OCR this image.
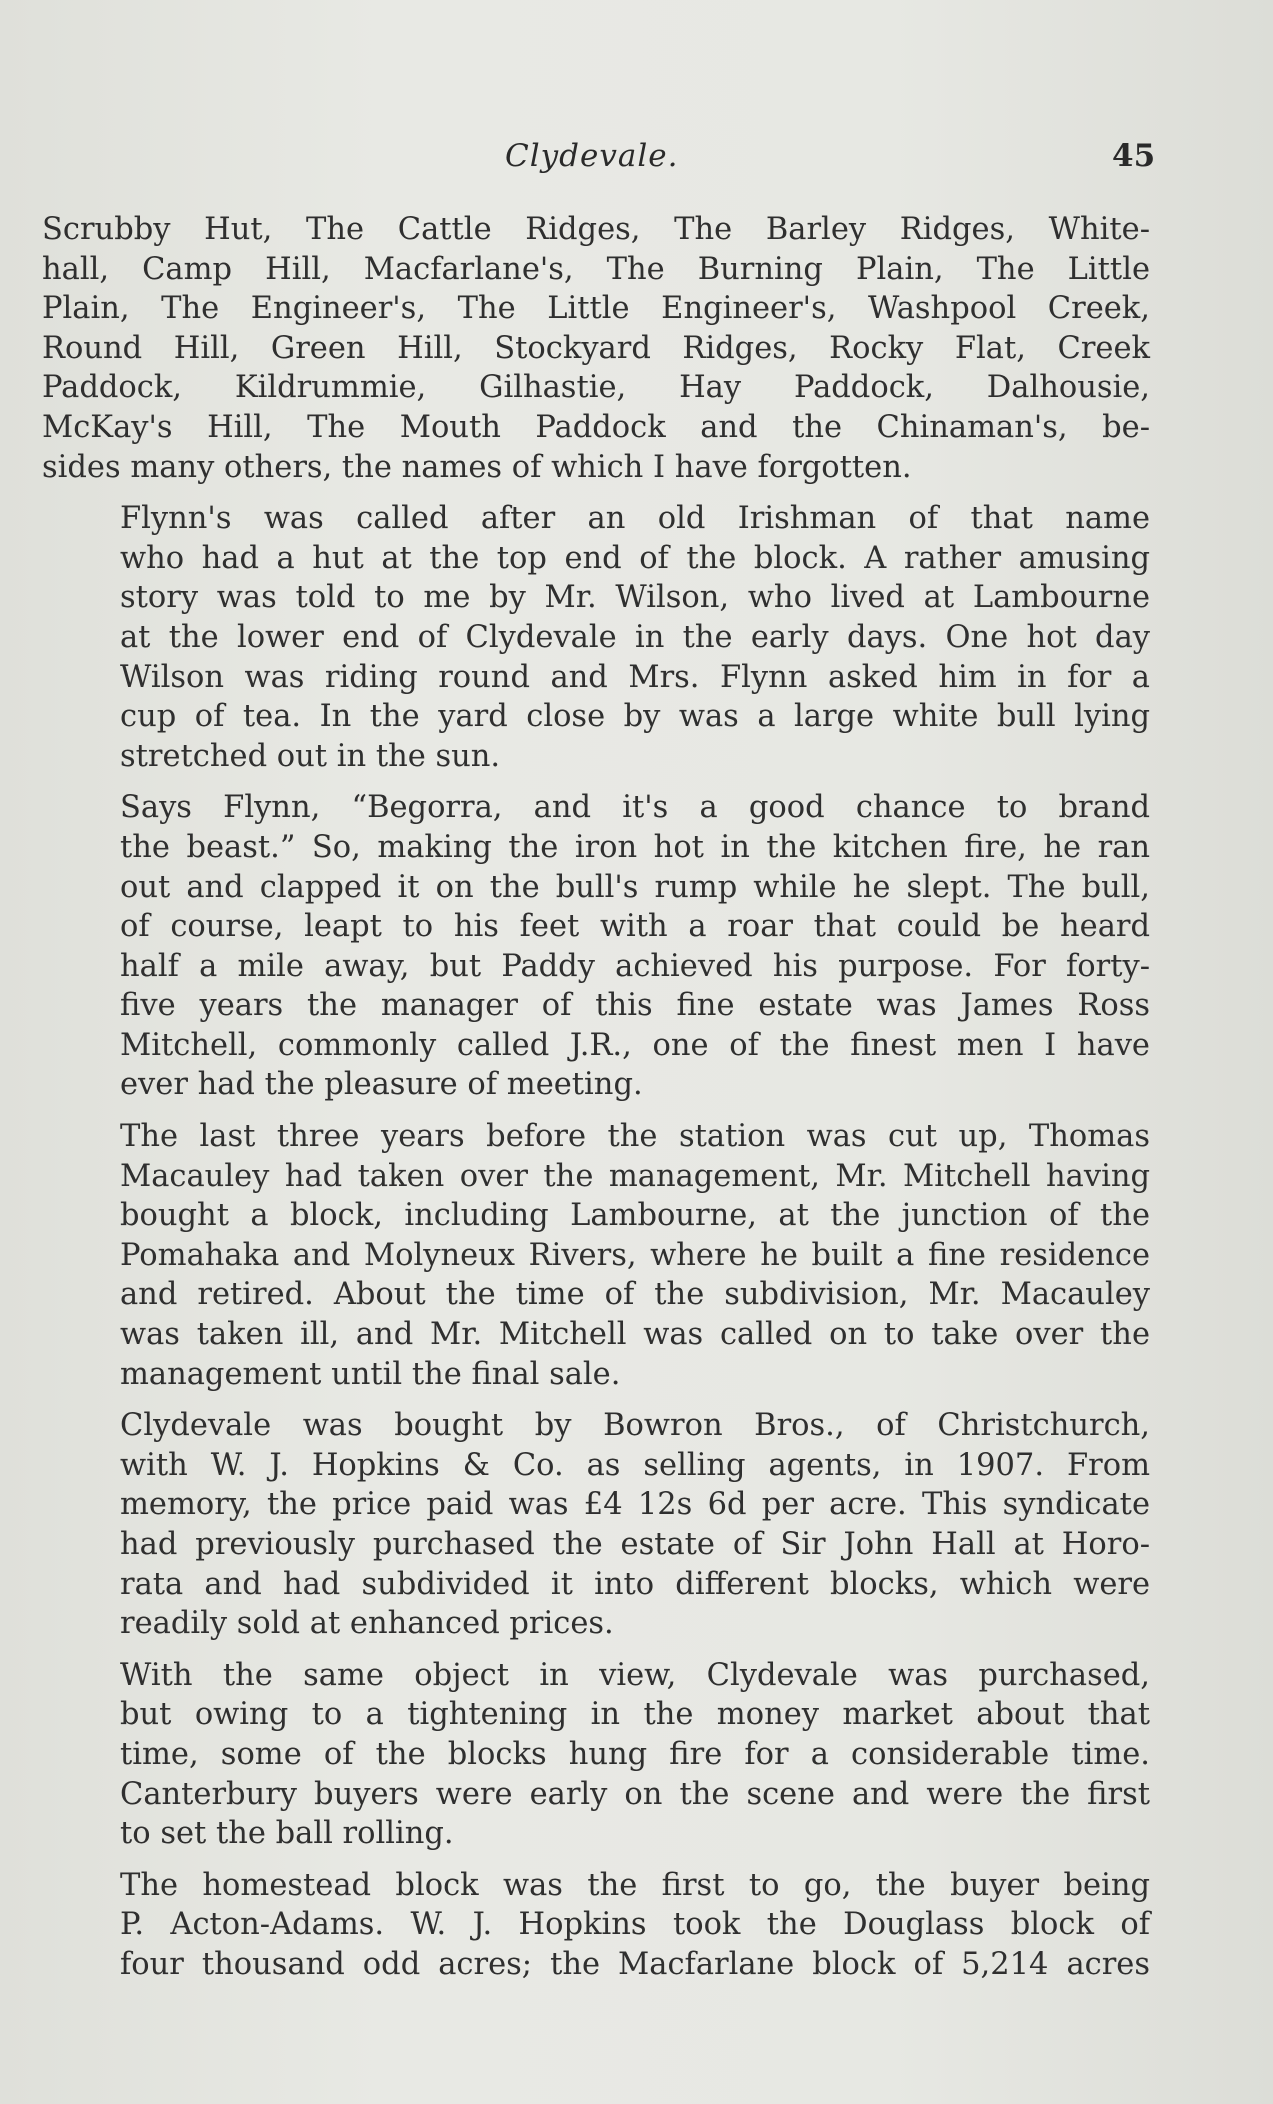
Clydevale.	45

Scrubby Hut, The Cattle Ridges, The Barley Ridges, White-
hall, Camp Hill, Macfarlane's, The Burning Plain, The Little
Plain, The Engineer's, The Little Engineer's, Washpool Creek,
Round Hill, Green Hill, Stockyard Ridges, Rocky Flat, Creek
Paddock, Kildrummie, Gilhastie, Hay Paddock, Dalhousie,
McKay's Hill, The Mouth Paddock and the Chinaman's, be-
sides many others, the names of which I have forgotten.

Flynn's was called after an old Irishman of that name
who had a hut at the top end of the block. A rather amusing
story was told to me by Mr. Wilson, who lived at Lambourne
at the lower end of Clydevale in the early days. One hot day
Wilson was riding round and Mrs. Flynn asked him in for a
cup of tea. In the yard close by was a large white bull lying
stretched out in the sun.

Says Flynn, “Begorra, and it's a good chance to brand
the beast.” So, making the iron hot in the kitchen fire, he ran
out and clapped it on the bull's rump while he slept. The bull,
of course, leapt to his feet with a roar that could be heard
half a mile away, but Paddy achieved his purpose. For forty-
five years the manager of this fine estate was James Ross
Mitchell, commonly called J.R., one of the finest men I have
ever had the pleasure of meeting.

The last three years before the station was cut up, Thomas
Macauley had taken over the management, Mr. Mitchell having
bought a block, including Lambourne, at the junction of the
Pomahaka and Molyneux Rivers, where he built a fine residence
and retired. About the time of the subdivision, Mr. Macauley
was taken ill, and Mr. Mitchell was called on to take over the
management until the final sale.

Clydevale was bought by Bowron Bros., of Christchurch,
with W. J. Hopkins & Co. as selling agents, in 1907. From
memory, the price paid was £4 12s 6d per acre. This syndicate
had previously purchased the estate of Sir John Hall at Horo-
rata and had subdivided it into different blocks, which were
readily sold at enhanced prices.

With the same object in view, Clydevale was purchased,
but owing to a tightening in the money market about that
time, some of the blocks hung fire for a considerable time.
Canterbury buyers were early on the scene and were the first
to set the ball rolling.

The homestead block was the first to go, the buyer being
P. Acton-Adams. W. J. Hopkins took the Douglass block of
four thousand odd acres; the Macfarlane block of 5,214 acres
